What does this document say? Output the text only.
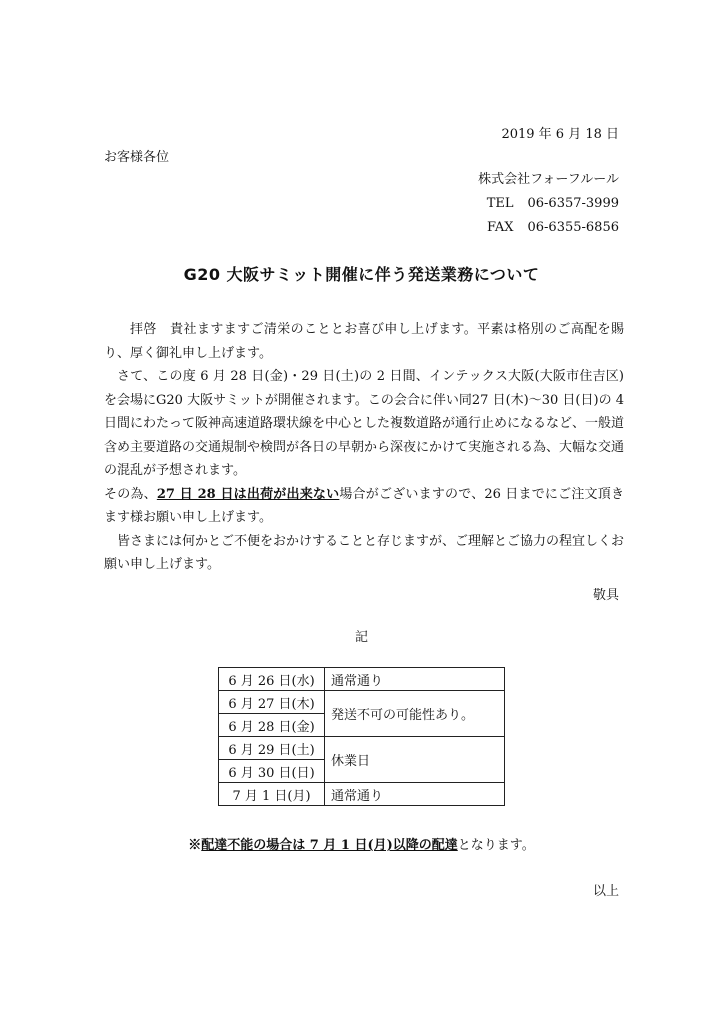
2019 年 6 月 18 日
お客様各位
株式会社フォーフルール
TEL 06-6357-3999
FAX 06-6355-6856
G20 大阪サミット開催に伴う発送業務について

拝啓　貴社ますますご清栄のこととお喜び申し上げます。平素は格別のご高配を賜り、厚く御礼申し上げます。

さて、この度 6 月 28 日(金)・29 日(土)の 2 日間、インテックス大阪(大阪市住吉区)を会場にG20 大阪サミットが開催されます。この会合に伴い同27 日(木)〜30 日(日)の 4 日間にわたって阪神高速道路環状線を中心とした複数道路が通行止めになるなど、一般道含め主要道路の交通規制や検問が各日の早朝から深夜にかけて実施される為、大幅な交通の混乱が予想されます。

その為、27 日 28 日は出荷が出来ない場合がございますので、26 日までにご注文頂きます様お願い申し上げます。

皆さまには何かとご不便をおかけすることと存じますが、ご理解とご協力の程宜しくお願い申し上げます。

敬具
記
6 月 26 日(水)	通常通り
6 月 27 日(木)	発送不可の可能性あり。
6 月 28 日(金)	
6 月 29 日(土)	休業日
6 月 30 日(日)	
7 月 1 日(月)	通常通り
※配達不能の場合は 7 月 1 日(月)以降の配達となります。
以上
